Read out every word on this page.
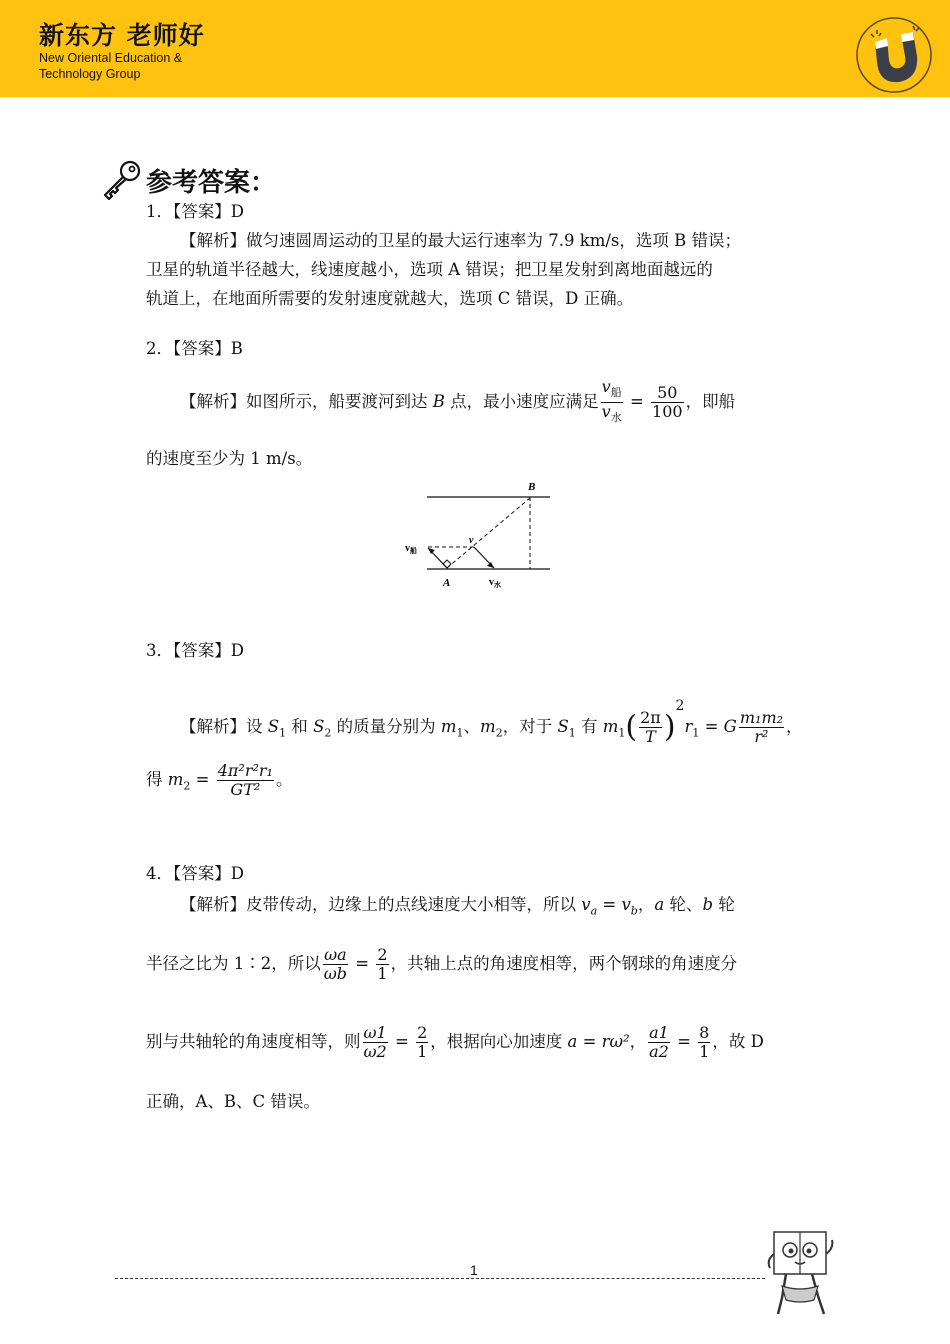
新东方 老师好
New Oriental Education &
Technology Group
参考答案：
1．【答案】D
【解析】做匀速圆周运动的卫星的最大运行速率为 7.9 km/s，选项 B 错误；
卫星的轨道半径越大，线速度越小，选项 A 错误；把卫星发射到离地面越远的
轨道上，在地面所需要的发射速度就越大，选项 C 错误，D 正确。
2．【答案】B
【解析】如图所示，船要渡河到达 B 点，最小速度应满足 $\frac{v_船}{v_水} = \frac{50}{100}$ ，即船
的速度至少为 1 m/s。
B
A
v
$v_船$
$v_水$
3．【答案】D
【解析】设 $S_1$ 和 $S_2$ 的质量分别为 $m_1$、$m_2$，对于 $S_1$ 有 $m_1( \frac{2\pi}{T} )^2r_1 = G \frac{\text{m₁m₂}}{\text{r²}}$ ，
得 $m_2 = \frac{\text{4π²r²r₁}}{\text{GT²}}$ 。
4．【答案】D
【解析】皮带传动，边缘上的点线速度大小相等，所以 $v_a = v_b$，a 轮、b 轮
半径之比为 1∶2，所以 $\frac{\omega a}{\omega b} = \frac{2}{1}$ ，共轴上点的角速度相等，两个钢球的角速度分
别与共轴轮的角速度相等，则 $\frac{\omega 1}{\omega 2} = \frac{2}{1}$ ，根据向心加速度 a = rω²， $\frac{a1}{a2} = \frac{8}{1}$ ，故 D
正确，A、B、C 错误。
1
